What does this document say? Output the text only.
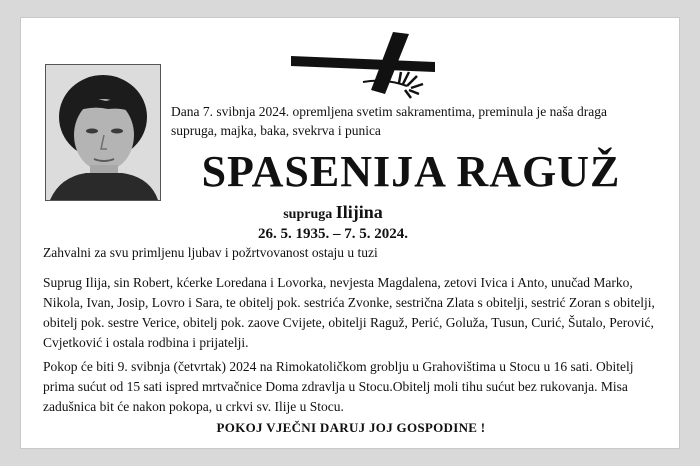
Dana 7. svibnja 2024. opremljena svetim sakramentima, preminula je naša draga supruga, majka, baka, svekrva i punica
SPASENIJA RAGUŽ
supruga Ilijina
26. 5. 1935. – 7. 5. 2024.
Zahvalni za svu primljenu ljubav i požrtvovanost ostaju u tuzi
Suprug Ilija, sin Robert, kćerke Loredana i Lovorka, nevjesta Magdalena, zetovi Ivica i Anto, unučad Marko, Nikola, Ivan, Josip, Lovro i Sara, te obitelj pok. sestrića Zvonke, sestrična Zlata s obitelji, sestrić Zoran s obitelji, obitelj pok. sestre Verice, obitelj pok. zaove Cvijete, obitelji Raguž, Perić, Goluža, Tusun, Curić, Šutalo, Perović, Cvjetković i ostala rodbina i prijatelji.
Pokop će biti 9. svibnja (četvrtak) 2024 na Rimokatoličkom groblju u Grahovištima u Stocu u 16 sati. Obitelj prima sućut od 15 sati ispred mrtvačnice Doma zdravlja u Stocu.Obitelj moli tihu sućut bez rukovanja. Misa zadušnica bit će nakon pokopa, u crkvi sv. Ilije u Stocu.
POKOJ VJEČNI DARUJ JOJ GOSPODINE !
